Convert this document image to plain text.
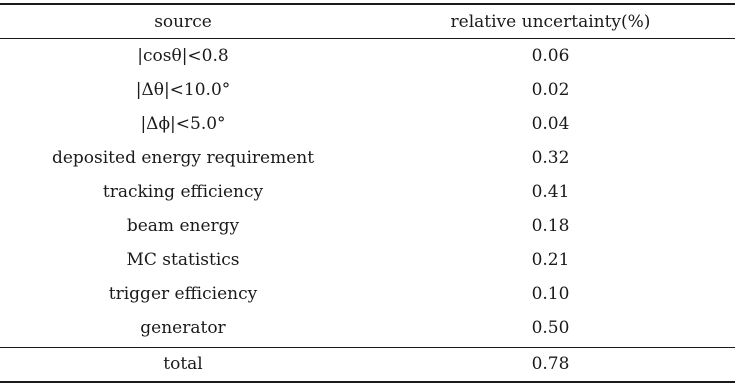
source	relative uncertainty(%)
|cosθ|<0.8	0.06
|Δθ|<10.0°	0.02
|Δϕ|<5.0°	0.04
deposited energy requirement	0.32
tracking efficiency	0.41
beam energy	0.18
MC statistics	0.21
trigger efficiency	0.10
generator	0.50
total	0.78
